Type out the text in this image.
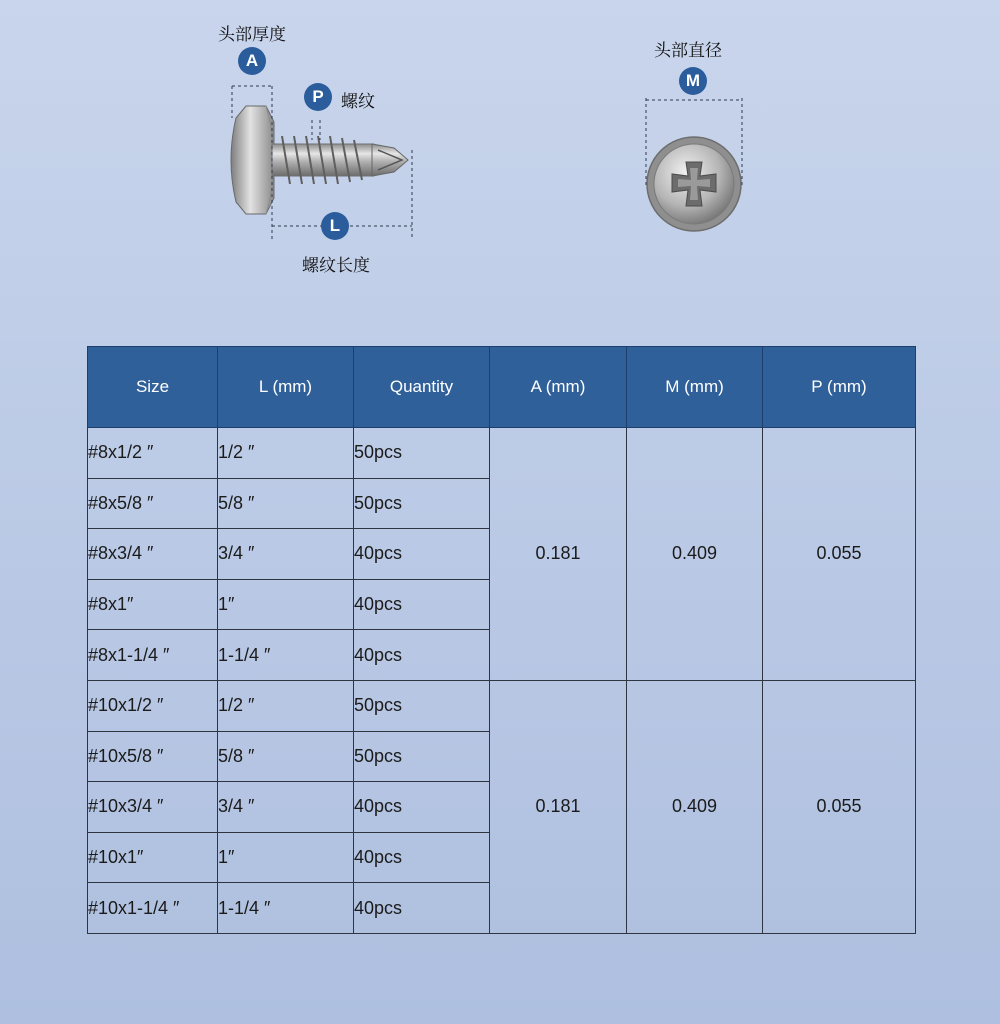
头部厚度
A
P	螺纹
L
螺纹长度
头部直径
M
Size	L (mm)	Quantity	A (mm)	M (mm)	P (mm)
#8x1/2 ″	1/2 ″	50pcs	0.181	0.409	0.055
#8x5/8 ″	5/8 ″	50pcs			
#8x3/4 ″	3/4 ″	40pcs			
#8x1″	1″	40pcs			
#8x1-1/4 ″	1-1/4 ″	40pcs			
#10x1/2 ″	1/2 ″	50pcs	0.181	0.409	0.055
#10x5/8 ″	5/8 ″	50pcs			
#10x3/4 ″	3/4 ″	40pcs			
#10x1″	1″	40pcs			
#10x1-1/4 ″	1-1/4 ″	40pcs			
